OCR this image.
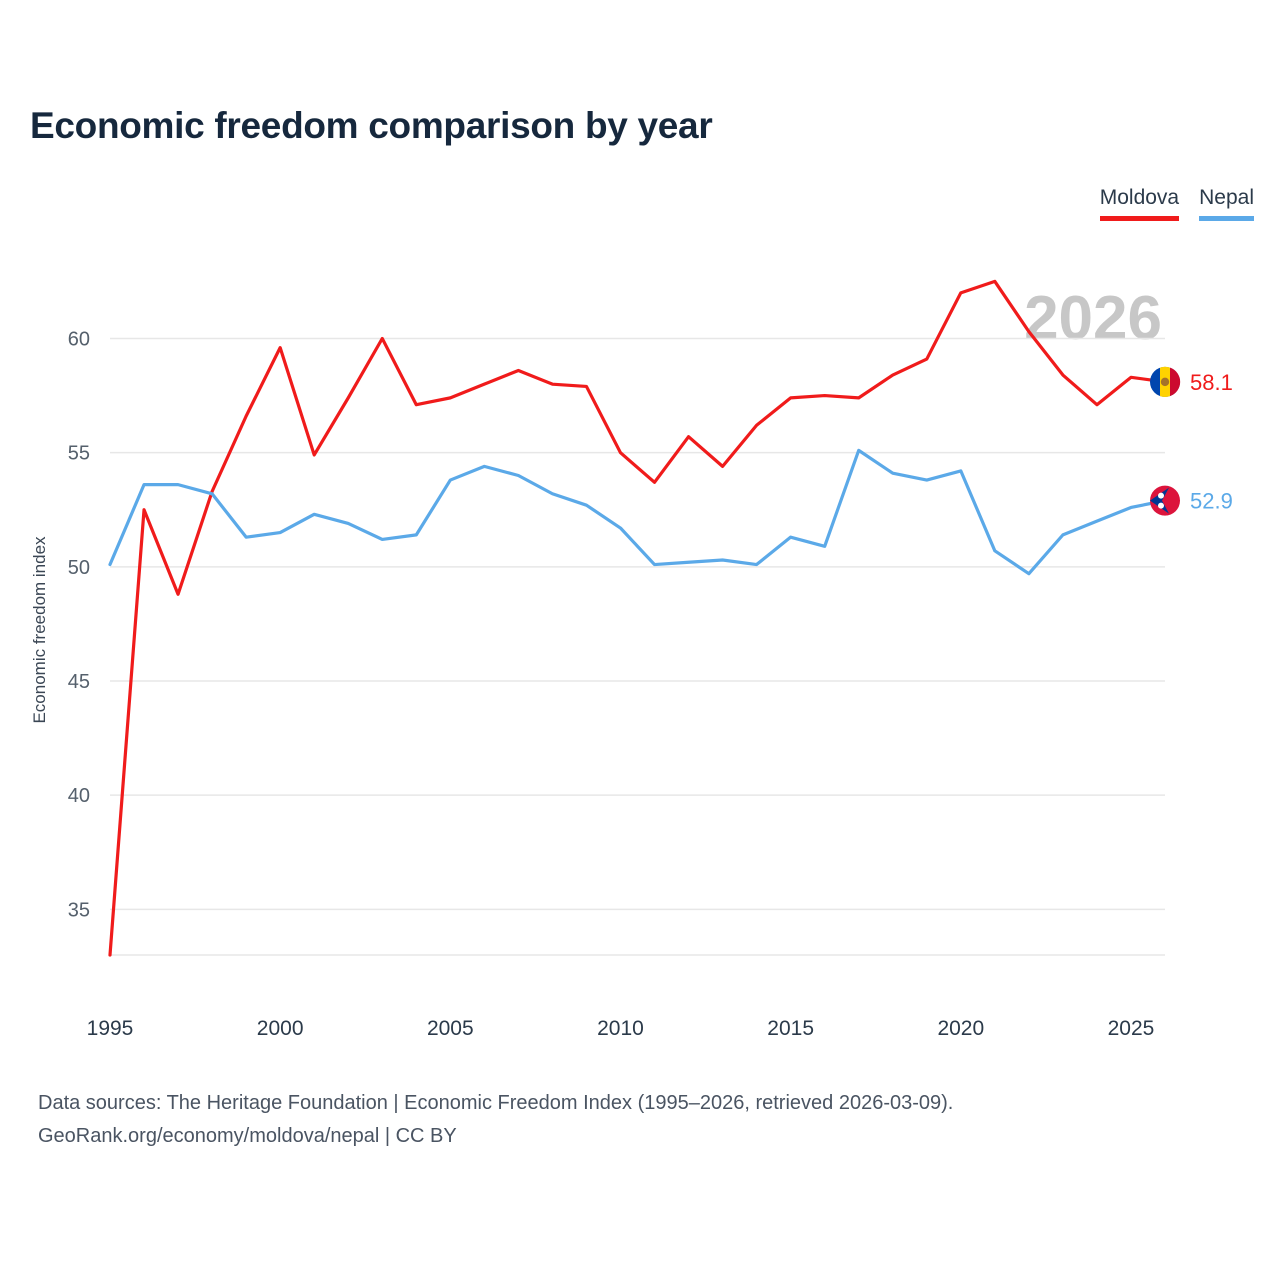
Economic freedom comparison by year
Moldova Nepal
2026
Economic freedom index
35
40
45
50
55
60
1995	2000	2005	2010	2015	2020	2025
58.1
52.9
Data sources: The Heritage Foundation | Economic Freedom Index (1995–2026, retrieved 2026-03-09).
GeoRank.org/economy/moldova/nepal | CC BY
